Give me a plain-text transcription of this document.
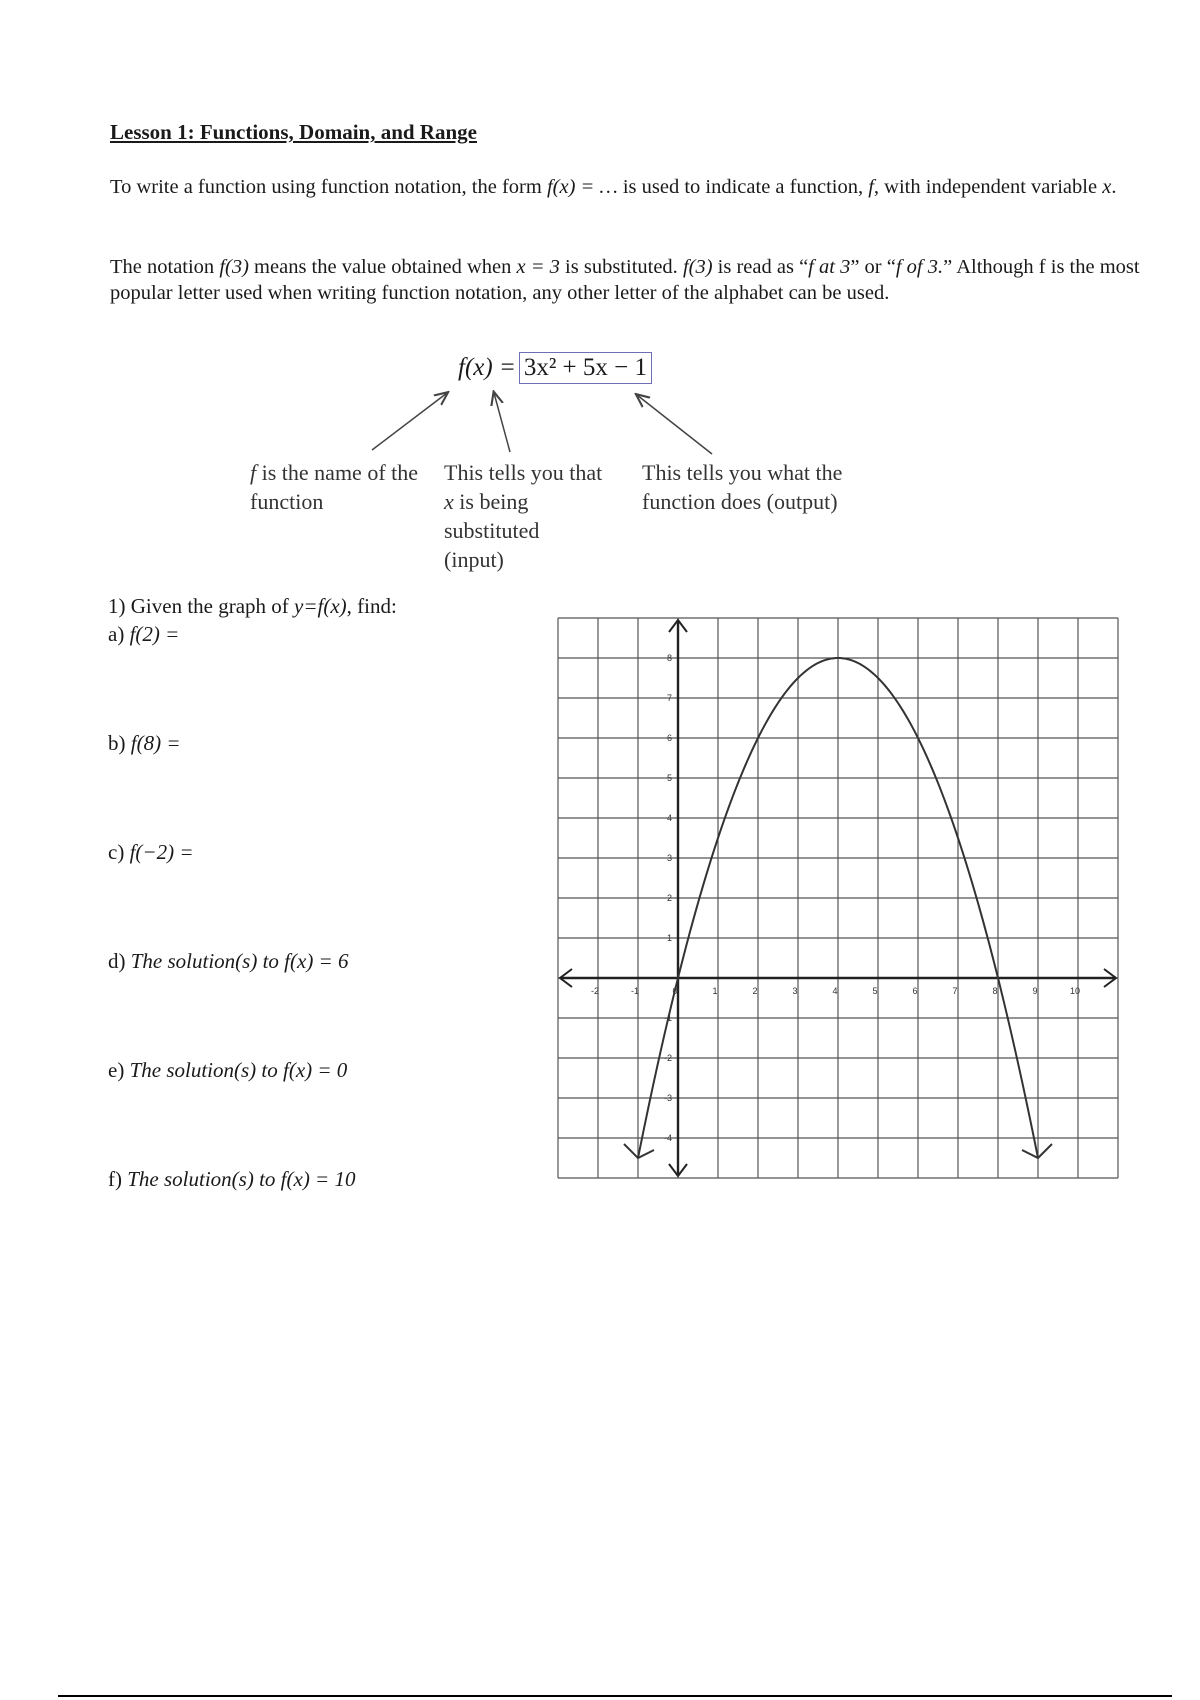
Lesson 1: Functions, Domain, and Range
To write a function using function notation, the form f(x) = … is used to indicate a function, f, with independent variable x.
The notation f(3) means the value obtained when x = 3 is substituted. f(3) is read as “f at 3” or “f of 3.” Although f is the most popular letter used when writing function notation, any other letter of the alphabet can be used.
f(x) = 3x² + 5x − 1
f is the name of the function
This tells you that x is being substituted (input)
This tells you what the function does (output)
1) Given the graph of y=f(x), find:
a) f(2) =
b) f(8) =
c) f(−2) =
d) The solution(s) to f(x) = 6
e) The solution(s) to f(x) = 0
f) The solution(s) to f(x) = 10
-2	-1	0	1	2	3	4	5	6	7	8	9	10
8
7
6
5
4
3
2
1
-1
-2
-3
-4
